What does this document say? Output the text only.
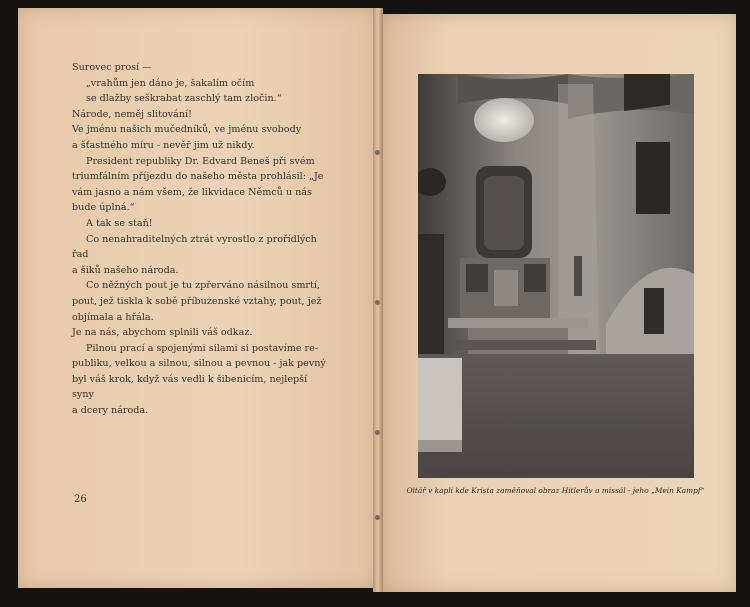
Surovec prosí —

„vrahům jen dáno je, šakalím očím

se dlažby seškrabat zaschlý tam zločin.“

Národe, neměj slitování!

Ve jménu našich mučedníků, ve jménu svobody

a šťastného míru - nevěř jim už nikdy.

President republiky Dr. Edvard Beneš při svém

triumfálním příjezdu do našeho města prohlásil: „Je

vám jasno a nám všem, že likvidace Němců u nás

bude úplná.“

A tak se staň!

Co nenahraditelných ztrát vyrostlo z prořídlých řad

a šiků našeho národa.

Co něžných pout je tu zpřerváno násilnou smrtí,

pout, jež tiskla k sobě příbuzenské vztahy, pout, jež

objímala a hřála.

Je na nás, abychom splnili váš odkaz.

Pilnou prací a spojenými silami si postavíme re-

publiku, velkou a silnou, silnou a pevnou - jak pevný

byl váš krok, když vás vedli k šibenicím, nejlepší syny

a dcery národa.

26
Oltář v kapli kde Krista zaměňoval obraz Hitlerův a missál - jeho „Mein Kampf“
